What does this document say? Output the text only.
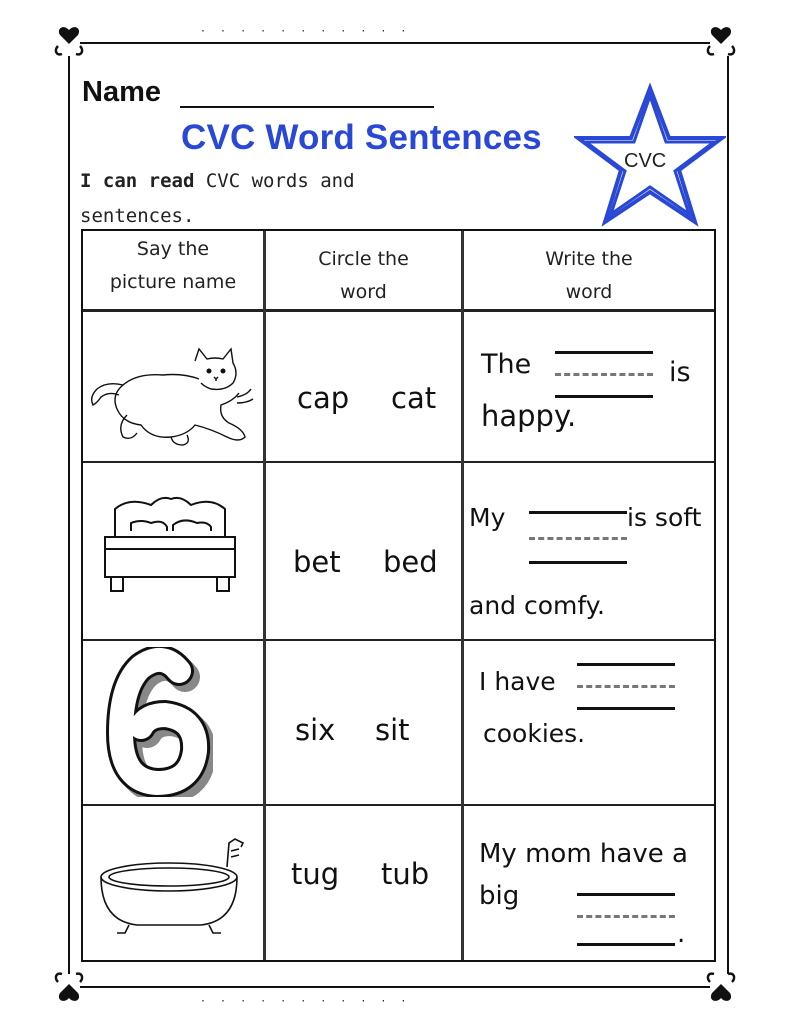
· · · · · · · · · · ·
· · · · · · · · · · ·
Name
CVC Word Sentences
I can read CVC words and sentences.
CVC
Say the
picture name
Circle the
word
Write the
word
cap cat
The	is
happy.
bet bed
My	is soft
and comfy.
six sit
I have
cookies.
tug tub
My mom have a
big
.
